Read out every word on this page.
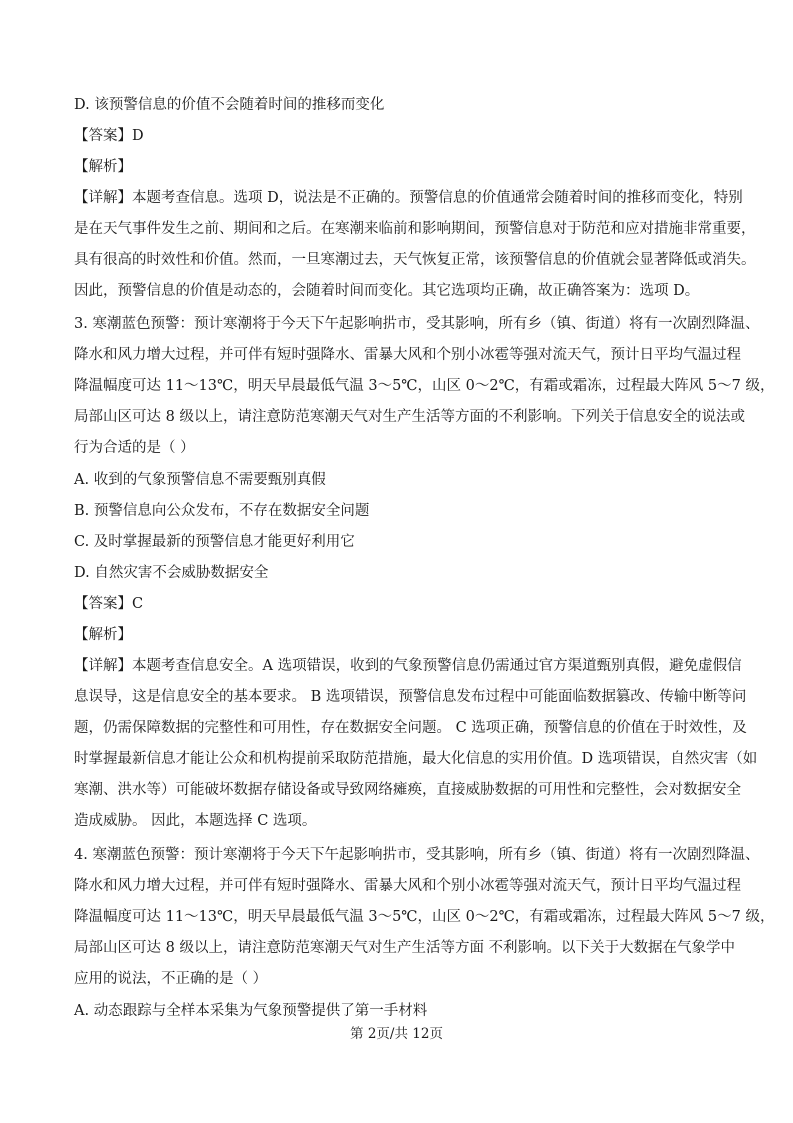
D. 该预警信息的价值不会随着时间的推移而变化
【答案】D
【解析】
【详解】本题考查信息。选项 D，说法是不正确的。预警信息的价值通常会随着时间的推移而变化，特别
是在天气事件发生之前、期间和之后。在寒潮来临前和影响期间，预警信息对于防范和应对措施非常重要，
具有很高的时效性和价值。然而，一旦寒潮过去，天气恢复正常，该预警信息的价值就会显著降低或消失。
因此，预警信息的价值是动态的，会随着时间而变化。其它选项均正确，故正确答案为：选项 D。
3. 寒潮蓝色预警：预计寒潮将于今天下午起影响扸市，受其影响，所有乡（镇、街道）将有一次剧烈降温、
降水和风力增大过程，并可伴有短时强降水、雷暴大风和个别小冰雹等强对流天气，预计日平均气温过程
降温幅度可达 11～13℃，明天早晨最低气温 3～5℃，山区 0～2℃，有霜或霜冻，过程最大阵风 5～7 级，
局部山区可达 8 级以上，请注意防范寒潮天气对生产生活等方面的不利影响。下列关于信息安全的说法或
行为合适的是（ ）
A. 收到的气象预警信息不需要甄别真假
B. 预警信息向公众发布，不存在数据安全问题
C. 及时掌握最新的预警信息才能更好利用它
D. 自然灾害不会威胁数据安全
【答案】C
【解析】
【详解】本题考查信息安全。A 选项错误，收到的气象预警信息仍需通过官方渠道甄别真假，避免虚假信
息误导，这是信息安全的基本要求。 B 选项错误，预警信息发布过程中可能面临数据篡改、传输中断等问
题，仍需保障数据的完整性和可用性，存在数据安全问题。 C 选项正确，预警信息的价值在于时效性，及
时掌握最新信息才能让公众和机构提前采取防范措施，最大化信息的实用价值。D 选项错误，自然灾害（如
寒潮、洪水等）可能破坏数据存储设备或导致网络瘫痪，直接威胁数据的可用性和完整性，会对数据安全
造成威胁。 因此，本题选择 C 选项。
4. 寒潮蓝色预警：预计寒潮将于今天下午起影响扸市，受其影响，所有乡（镇、街道）将有一次剧烈降温、
降水和风力增大过程，并可伴有短时强降水、雷暴大风和个别小冰雹等强对流天气，预计日平均气温过程
降温幅度可达 11～13℃，明天早晨最低气温 3～5℃，山区 0～2℃，有霜或霜冻，过程最大阵风 5～7 级，
局部山区可达 8 级以上，请注意防范寒潮天气对生产生活等方面 不利影响。以下关于大数据在气象学中
应用的说法，不正确的是（ ）
A. 动态跟踪与全样本采集为气象预警提供了第一手材料
第 2页/共 12页
